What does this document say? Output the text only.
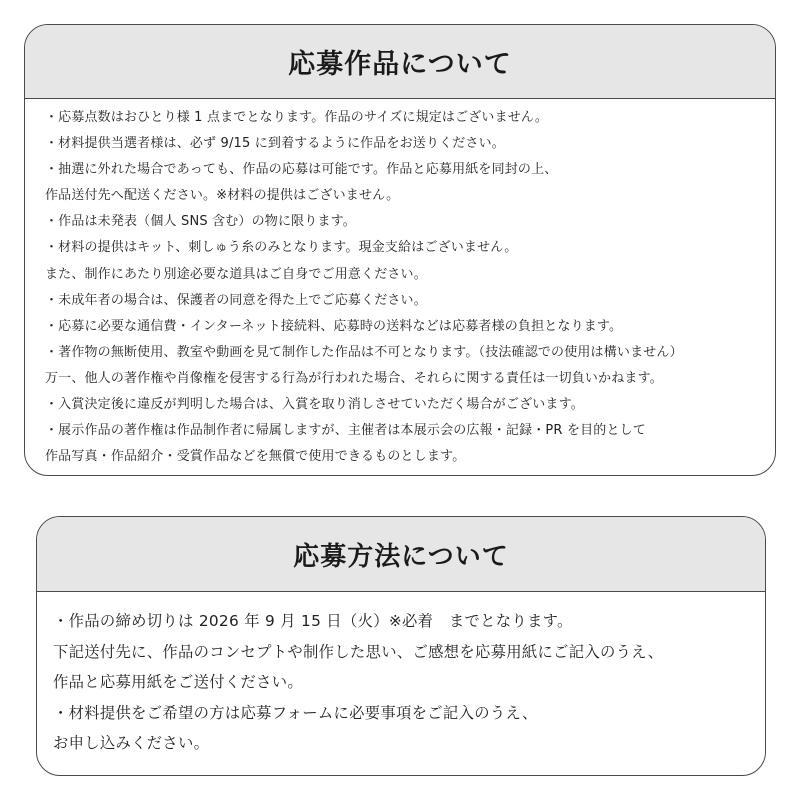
応募作品について
・応募点数はおひとり様 1 点までとなります。作品のサイズに規定はございません。
・材料提供当選者様は、必ず 9/15 に到着するように作品をお送りください。
・抽選に外れた場合であっても、作品の応募は可能です。作品と応募用紙を同封の上、
作品送付先へ配送ください。※材料の提供はございません。
・作品は未発表（個人 SNS 含む）の物に限ります。
・材料の提供はキット、刺しゅう糸のみとなります。現金支給はございません。
また、制作にあたり別途必要な道具はご自身でご用意ください。
・未成年者の場合は、保護者の同意を得た上でご応募ください。
・応募に必要な通信費・インターネット接続料、応募時の送料などは応募者様の負担となります。
・著作物の無断使用、教室や動画を見て制作した作品は不可となります。（技法確認での使用は構いません）
万一、他人の著作権や肖像権を侵害する行為が行われた場合、それらに関する責任は一切負いかねます。
・入賞決定後に違反が判明した場合は、入賞を取り消しさせていただく場合がございます。
・展示作品の著作権は作品制作者に帰属しますが、主催者は本展示会の広報・記録・PR を目的として
作品写真・作品紹介・受賞作品などを無償で使用できるものとします。
応募方法について
・作品の締め切りは 2026 年 9 月 15 日（火）※必着　までとなります。
下記送付先に、作品のコンセプトや制作した思い、ご感想を応募用紙にご記入のうえ、
作品と応募用紙をご送付ください。
・材料提供をご希望の方は応募フォームに必要事項をご記入のうえ、
お申し込みください。
